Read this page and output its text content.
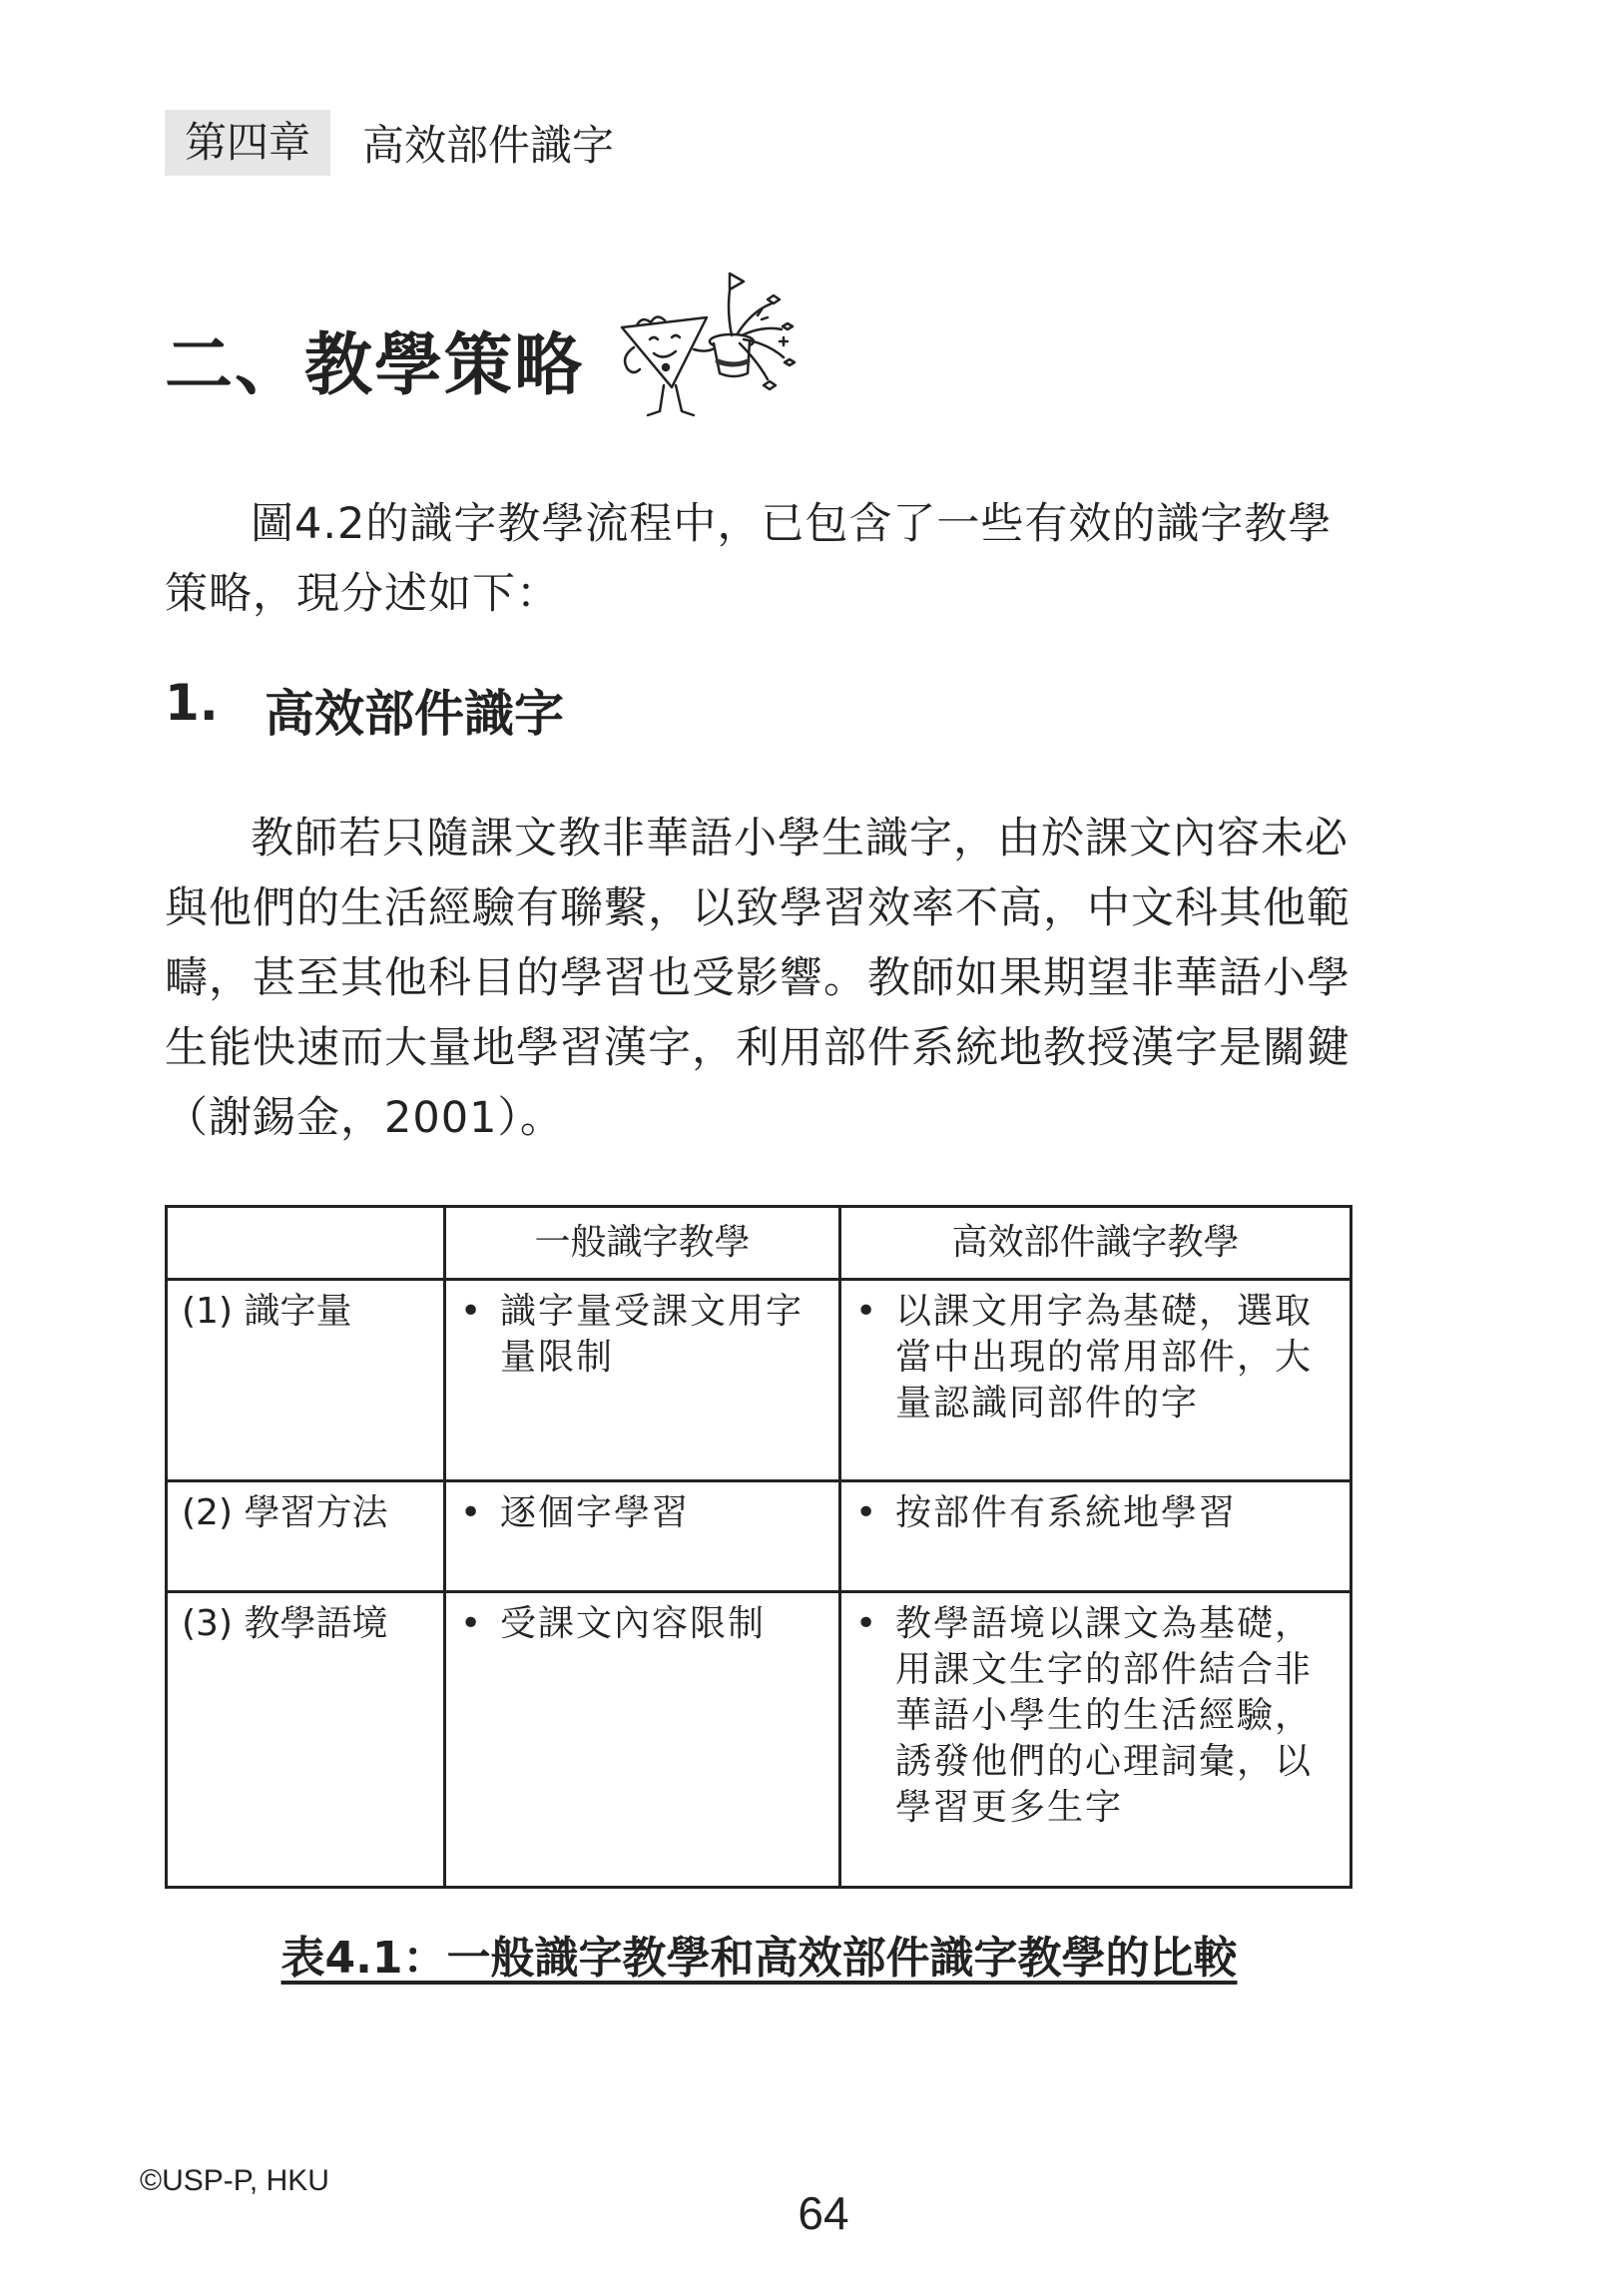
第四章	高效部件識字
二、教學策略

圖4.2的識字教學流程中，已包含了一些有效的識字教學策略，現分述如下：

1. 高效部件識字

教師若只隨課文教非華語小學生識字，由於課文內容未必與他們的生活經驗有聯繫，以致學習效率不高，中文科其他範疇，甚至其他科目的學習也受影響。教師如果期望非華語小學生能快速而大量地學習漢字，利用部件系統地教授漢字是關鍵（謝錫金，2001）。

	一般識字教學	高效部件識字教學
(1) 識字量	• 識字量受課文用字量限制	• 以課文用字為基礎，選取當中出現的常用部件，大量認識同部件的字

(2) 學習方法	• 逐個字學習	• 按部件有系統地學習

(3) 教學語境	• 受課文內容限制	• 教學語境以課文為基礎，用課文生字的部件結合非華語小學生的生活經驗，誘發他們的心理詞彙，以學習更多生字
表4.1：一般識字教學和高效部件識字教學的比較
©USP-P, HKU
64
